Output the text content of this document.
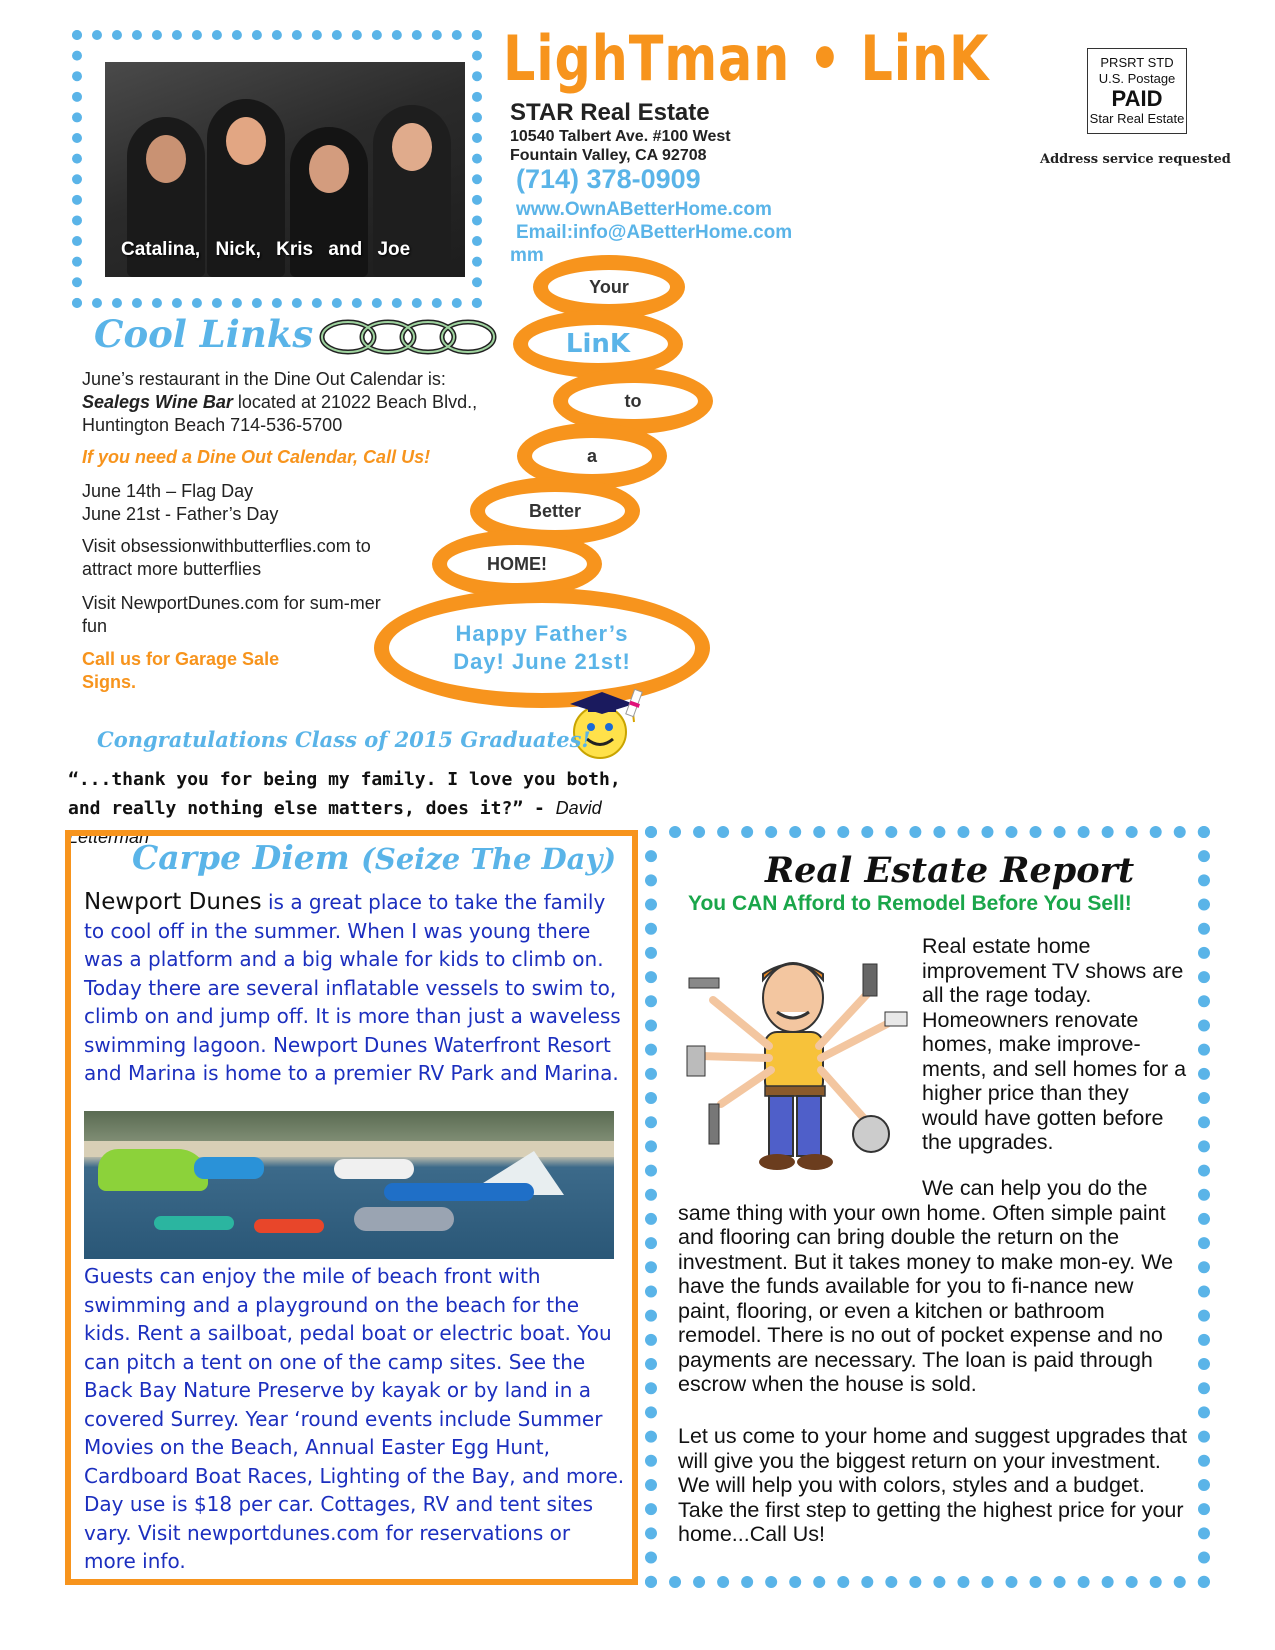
Catalina, Nick, Kris and Joe
LighTman • LinK
STAR Real Estate
10540 Talbert Ave. #100 West
Fountain Valley, CA 92708
(714) 378-0909
www.OwnABetterHome.com
Email:info@ABetterHome.com
mm
PRSRT STD
U.S. Postage
PAID
Star Real Estate
Address service requested
Cool Links
June’s restaurant in the Dine Out Calendar is:
Sealegs Wine Bar located at 21022 Beach Blvd., Huntington Beach 714-536-5700
If you need a Dine Out Calendar, Call Us!
June 14th – Flag Day
June 21st - Father’s Day
Visit obsessionwithbutterflies.com to attract more butterflies
Visit NewportDunes.com for sum-mer fun
Call us for Garage Sale Signs.
Your
LinK
to
a
Better
HOME!
Happy Father’s Day! June 21st!
Congratulations Class of 2015 Graduates!
“...thank you for being my family. I love you both, and really nothing else matters, does it?” - David Letterman
Carpe Diem (Seize The Day)
Newport Dunes is a great place to take the family to cool off in the summer. When I was young there was a platform and a big whale for kids to climb on. Today there are several inflatable vessels to swim to, climb on and jump off. It is more than just a waveless swimming lagoon. Newport Dunes Waterfront Resort and Marina is home to a premier RV Park and Marina.
Guests can enjoy the mile of beach front with swimming and a playground on the beach for the kids. Rent a sailboat, pedal boat or electric boat. You can pitch a tent on one of the camp sites. See the Back Bay Nature Preserve by kayak or by land in a covered Surrey. Year ‘round events include Summer Movies on the Beach, Annual Easter Egg Hunt, Cardboard Boat Races, Lighting of the Bay, and more. Day use is $18 per car. Cottages, RV and tent sites vary. Visit newportdunes.com for reservations or more info.
Real Estate Report
You CAN Afford to Remodel Before You Sell!
Real estate home improvement TV shows are all the rage today. Homeowners renovate homes, make improve-ments, and sell homes for a higher price than they would have gotten before the upgrades.
We can help you do the same thing with your own home. Often simple paint and flooring can bring double the return on the investment. But it takes money to make mon-ey. We have the funds available for you to fi-nance new paint, flooring, or even a kitchen or bathroom remodel. There is no out of pocket expense and no payments are necessary. The loan is paid through escrow when the house is sold.
Let us come to your home and suggest upgrades that will give you the biggest return on your investment. We will help you with colors, styles and a budget. Take the first step to getting the highest price for your home...Call Us!
